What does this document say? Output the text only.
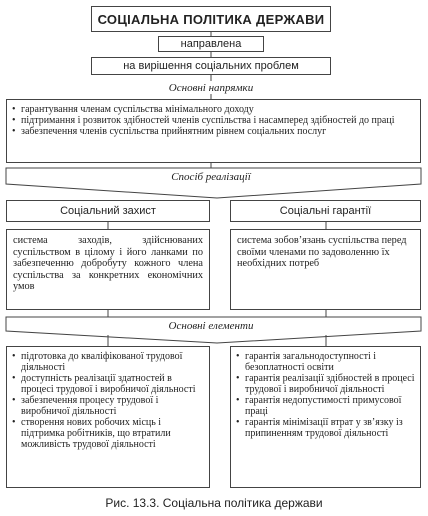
СОЦІАЛЬНА ПОЛІТИКА ДЕРЖАВИ
направлена
на вирішення соціальних проблем
Основні напрямки
• гарантування членам суспільства мінімального доходу
• підтримання і розвиток здібностей членів суспільства і насамперед здібностей до праці
• забезпечення членів суспільства прийнятним рівнем соціальних послуг
Спосіб реалізації
Соціальний захист	Соціальні гарантії
система заходів, здійснюваних суспільством в цілому і його ланками по забезпеченню добробуту кожного члена суспільства за конкретних економічних умов
система зобов’язань суспільства перед своїми членами по задоволенню їх необхідних потреб
Основні елементи
• підготовка до кваліфікованої трудової діяльності
• доступність реалізації здатностей в процесі трудової і виробничої діяльності
• забезпечення процесу трудової і виробничої діяльності
• створення нових робочих місць і підтримка робітників, що втратили можливість трудової діяльності
• гарантія загальнодоступності і безоплатності освіти
• гарантія реалізації здібностей в процесі трудової і виробничої діяльності
• гарантія недопустимості примусової праці
• гарантія мінімізації втрат у зв’язку із припиненням трудової діяльності
Рис. 13.3. Соціальна політика держави
